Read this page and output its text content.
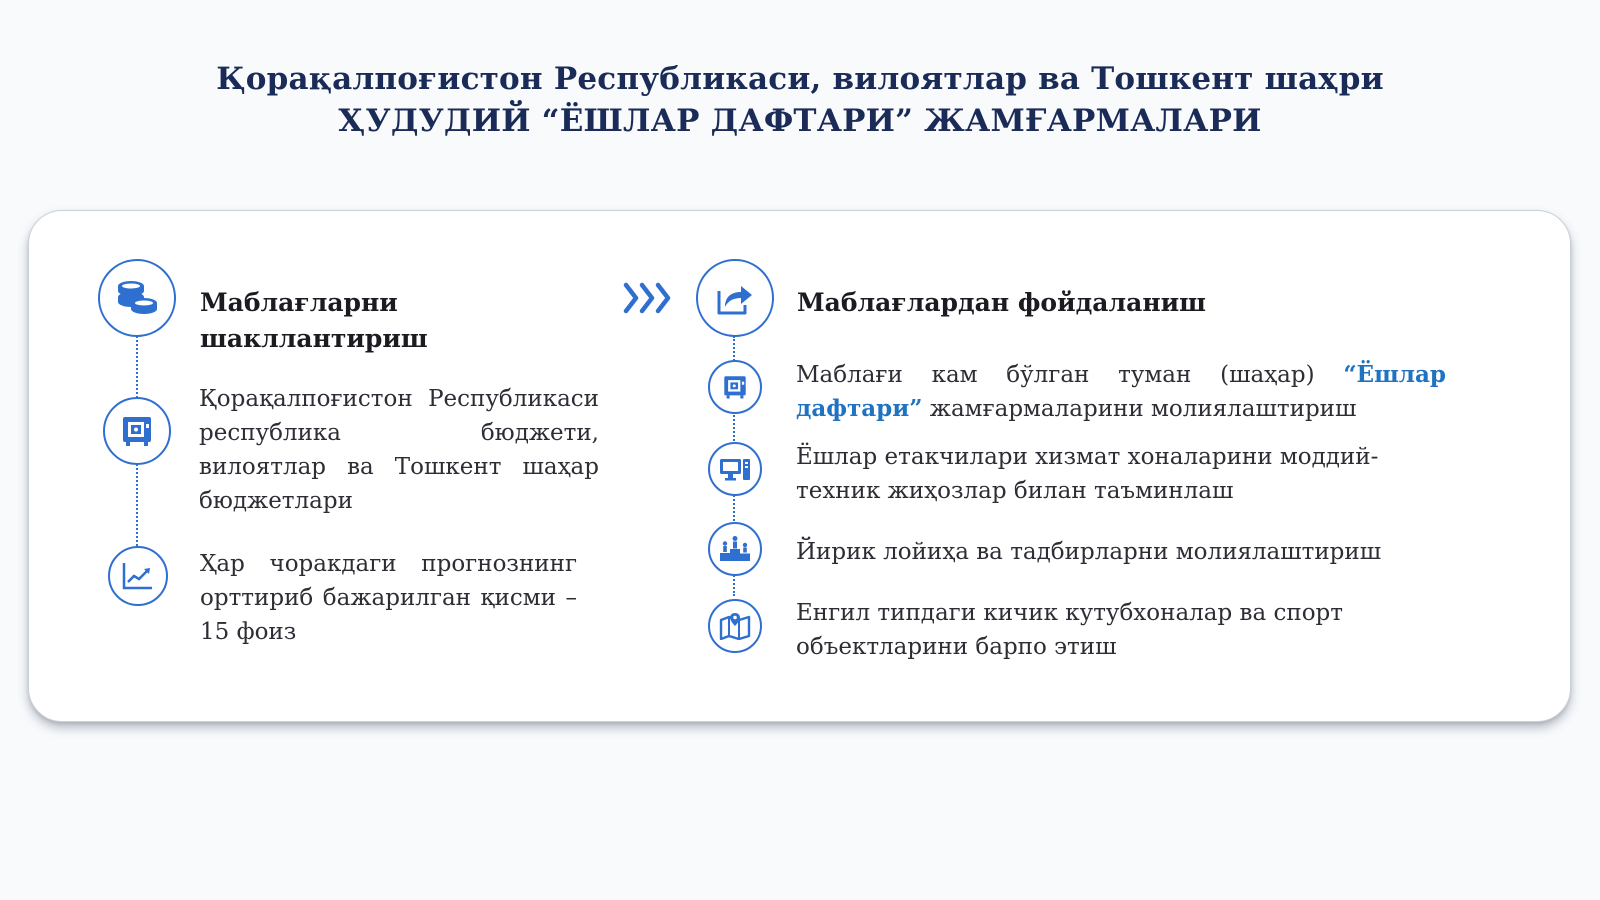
Қорақалпоғистон Республикаси, вилоятлар ва Тошкент шаҳри
ҲУДУДИЙ “ЁШЛАР ДАФТАРИ” ЖАМҒАРМАЛАРИ
Маблағларни шакллантириш
Қорақалпоғистон Республикаси республика бюджети, вилоятлар ва Тошкент шаҳар бюджетлари
Ҳар чоракдаги прогнознинг орттириб бажарилган қисми – 15 фоиз
Маблағлардан фойдаланиш
Маблағи кам бўлган туман (шаҳар) “Ёшлар дафтари” жамғармаларини молиялаштириш
Ёшлар етакчилари хизмат хоналарини моддий-техник жиҳозлар билан таъминлаш
Йирик лойиҳа ва тадбирларни молиялаштириш
Енгил типдаги кичик кутубхоналар ва спорт объектларини барпо этиш
